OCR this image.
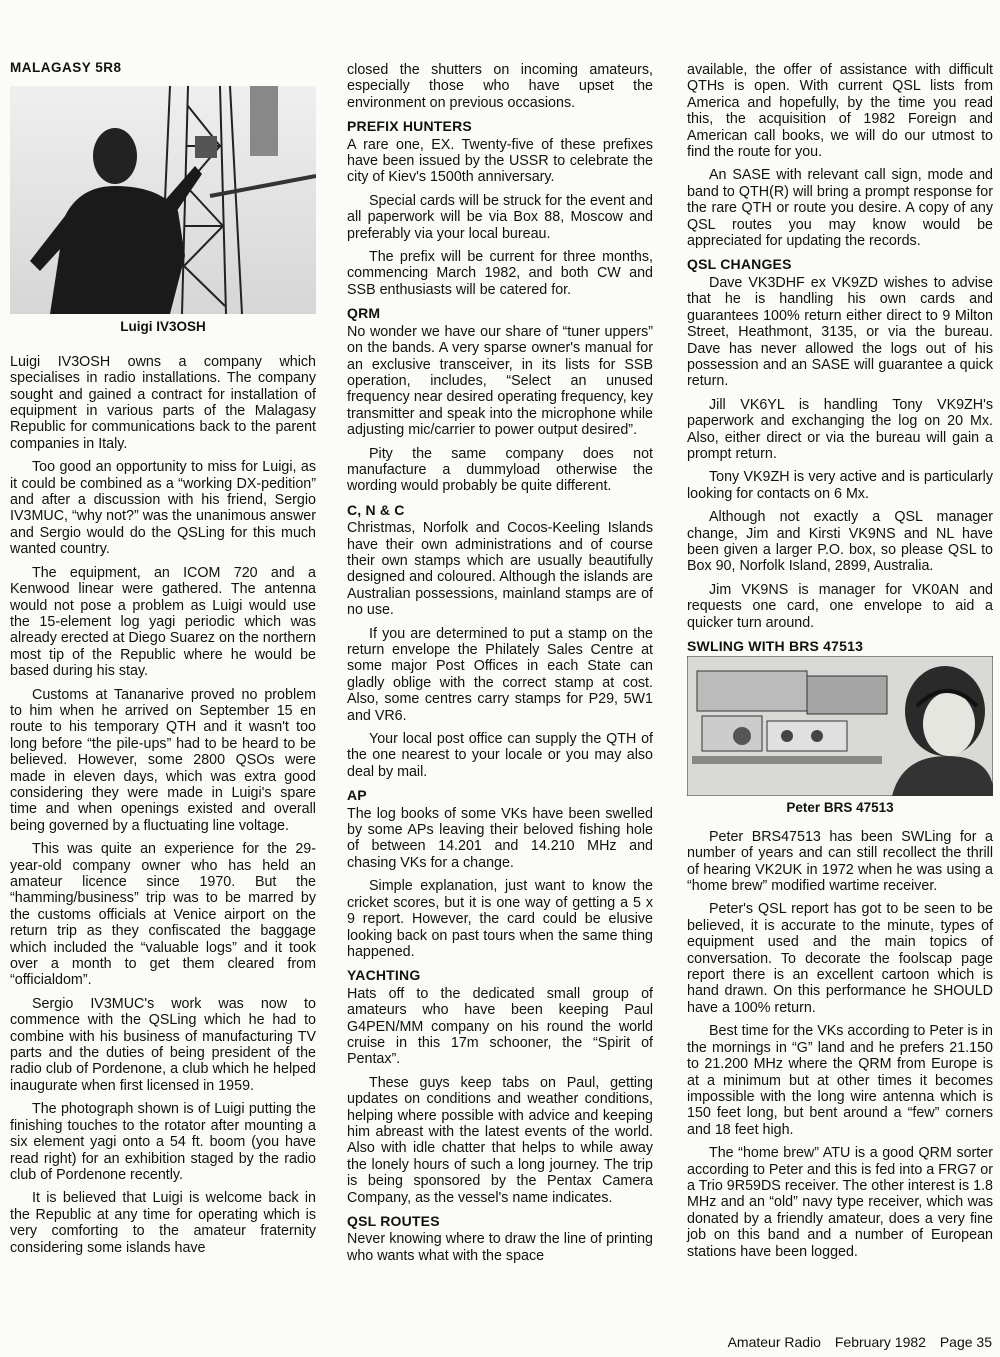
MALAGASY 5R8
Luigi IV3OSH

Luigi IV3OSH owns a company which specialises in radio installations. The company sought and gained a contract for installation of equipment in various parts of the Malagasy Republic for communications back to the parent companies in Italy.

Too good an opportunity to miss for Luigi, as it could be combined as a “working DX-pedition” and after a discussion with his friend, Sergio IV3MUC, “why not?” was the unanimous answer and Sergio would do the QSLing for this much wanted country.

The equipment, an ICOM 720 and a Kenwood linear were gathered. The antenna would not pose a problem as Luigi would use the 15-element log yagi periodic which was already erected at Diego Suarez on the northern most tip of the Republic where he would be based during his stay.

Customs at Tananarive proved no problem to him when he arrived on September 15 en route to his temporary QTH and it wasn't too long before “the pile-ups” had to be heard to be believed. However, some 2800 QSOs were made in eleven days, which was extra good considering they were made in Luigi's spare time and when openings existed and overall being governed by a fluctuating line voltage.

This was quite an experience for the 29-year-old company owner who has held an amateur licence since 1970. But the “hamming/business” trip was to be marred by the customs officials at Venice airport on the return trip as they confiscated the baggage which included the “valuable logs” and it took over a month to get them cleared from “officialdom”.

Sergio IV3MUC's work was now to commence with the QSLing which he had to combine with his business of manufacturing TV parts and the duties of being president of the radio club of Pordenone, a club which he helped inaugurate when first licensed in 1959.

The photograph shown is of Luigi putting the finishing touches to the rotator after mounting a six element yagi onto a 54 ft. boom (you have read right) for an exhibition staged by the radio club of Pordenone recently.

It is believed that Luigi is welcome back in the Republic at any time for operating which is very comforting to the amateur fraternity considering some islands have

closed the shutters on incoming amateurs, especially those who have upset the environment on previous occasions.

PREFIX HUNTERS

A rare one, EX. Twenty-five of these prefixes have been issued by the USSR to celebrate the city of Kiev's 1500th anniversary.

Special cards will be struck for the event and all paperwork will be via Box 88, Moscow and preferably via your local bureau.

The prefix will be current for three months, commencing March 1982, and both CW and SSB enthusiasts will be catered for.

QRM

No wonder we have our share of “tuner uppers” on the bands. A very sparse owner's manual for an exclusive transceiver, in its lists for SSB operation, includes, “Select an unused frequency near desired operating frequency, key transmitter and speak into the microphone while adjusting mic/carrier to power output desired”.

Pity the same company does not manufacture a dummyload otherwise the wording would probably be quite different.

C, N & C

Christmas, Norfolk and Cocos-Keeling Islands have their own administrations and of course their own stamps which are usually beautifully designed and coloured. Although the islands are Australian possessions, mainland stamps are of no use.

If you are determined to put a stamp on the return envelope the Philately Sales Centre at some major Post Offices in each State can gladly oblige with the correct stamp at cost. Also, some centres carry stamps for P29, 5W1 and VR6.

Your local post office can supply the QTH of the one nearest to your locale or you may also deal by mail.

AP

The log books of some VKs have been swelled by some APs leaving their beloved fishing hole of between 14.201 and 14.210 MHz and chasing VKs for a change.

Simple explanation, just want to know the cricket scores, but it is one way of getting a 5 x 9 report. However, the card could be elusive looking back on past tours when the same thing happened.

YACHTING

Hats off to the dedicated small group of amateurs who have been keeping Paul G4PEN/MM company on his round the world cruise in this 17m schooner, the “Spirit of Pentax”.

These guys keep tabs on Paul, getting updates on conditions and weather conditions, helping where possible with advice and keeping him abreast with the latest events of the world. Also with idle chatter that helps to while away the lonely hours of such a long journey. The trip is being sponsored by the Pentax Camera Company, as the vessel's name indicates.

QSL ROUTES

Never knowing where to draw the line of printing who wants what with the space

available, the offer of assistance with difficult QTHs is open. With current QSL lists from America and hopefully, by the time you read this, the acquisition of 1982 Foreign and American call books, we will do our utmost to find the route for you.

An SASE with relevant call sign, mode and band to QTH(R) will bring a prompt response for the rare QTH or route you desire. A copy of any QSL routes you may know would be appreciated for updating the records.

QSL CHANGES

Dave VK3DHF ex VK9ZD wishes to advise that he is handling his own cards and guarantees 100% return either direct to 9 Milton Street, Heathmont, 3135, or via the bureau. Dave has never allowed the logs out of his possession and an SASE will guarantee a quick return.

Jill VK6YL is handling Tony VK9ZH's paperwork and exchanging the log on 20 Mx. Also, either direct or via the bureau will gain a prompt return.

Tony VK9ZH is very active and is particularly looking for contacts on 6 Mx.

Although not exactly a QSL manager change, Jim and Kirsti VK9NS and NL have been given a larger P.O. box, so please QSL to Box 90, Norfolk Island, 2899, Australia.

Jim VK9NS is manager for VK0AN and requests one card, one envelope to aid a quicker turn around.

SWLING WITH BRS 47513
Peter BRS 47513

Peter BRS47513 has been SWLing for a number of years and can still recollect the thrill of hearing VK2UK in 1972 when he was using a “home brew” modified wartime receiver.

Peter's QSL report has got to be seen to be believed, it is accurate to the minute, types of equipment used and the main topics of conversation. To decorate the foolscap page report there is an excellent cartoon which is hand drawn. On this performance he SHOULD have a 100% return.

Best time for the VKs according to Peter is in the mornings in “G” land and he prefers 21.150 to 21.200 MHz where the QRM from Europe is at a minimum but at other times it becomes impossible with the long wire antenna which is 150 feet long, but bent around a “few” corners and 18 feet high.

The “home brew” ATU is a good QRM sorter according to Peter and this is fed into a FRG7 or a Trio 9R59DS receiver. The other interest is 1.8 MHz and an “old” navy type receiver, which was donated by a friendly amateur, does a very fine job on this band and a number of European stations have been logged.

Amateur Radio February 1982 Page 35
